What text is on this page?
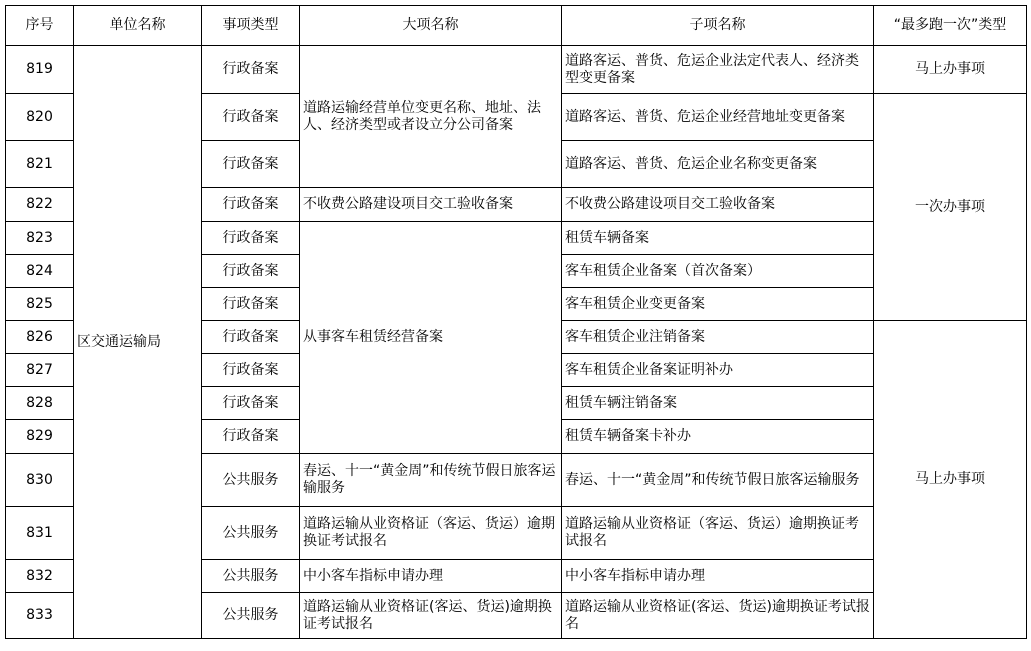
序号	单位名称	事项类型	大项名称	子项名称	“最多跑一次”类型
819	区交通运输局	行政备案	道路运输经营单位变更名称、地址、法人、经济类型或者设立分公司备案	道路客运、普货、危运企业法定代表人、经济类型变更备案	马上办事项
820		行政备案		道路客运、普货、危运企业经营地址变更备案	一次办事项
821		行政备案		道路客运、普货、危运企业名称变更备案	
822		行政备案	不收费公路建设项目交工验收备案	不收费公路建设项目交工验收备案	
823		行政备案	从事客车租赁经营备案	租赁车辆备案	
824		行政备案		客车租赁企业备案（首次备案）	
825		行政备案		客车租赁企业变更备案	
826		行政备案		客车租赁企业注销备案	马上办事项
827		行政备案		客车租赁企业备案证明补办	
828		行政备案		租赁车辆注销备案	
829		行政备案		租赁车辆备案卡补办	
830		公共服务	春运、十一“黄金周”和传统节假日旅客运输服务	春运、十一“黄金周”和传统节假日旅客运输服务	
831		公共服务	道路运输从业资格证（客运、货运）逾期换证考试报名	道路运输从业资格证（客运、货运）逾期换证考试报名	
832		公共服务	中小客车指标申请办理	中小客车指标申请办理	
833		公共服务	道路运输从业资格证(客运、货运)逾期换证考试报名	道路运输从业资格证(客运、货运)逾期换证考试报名	
